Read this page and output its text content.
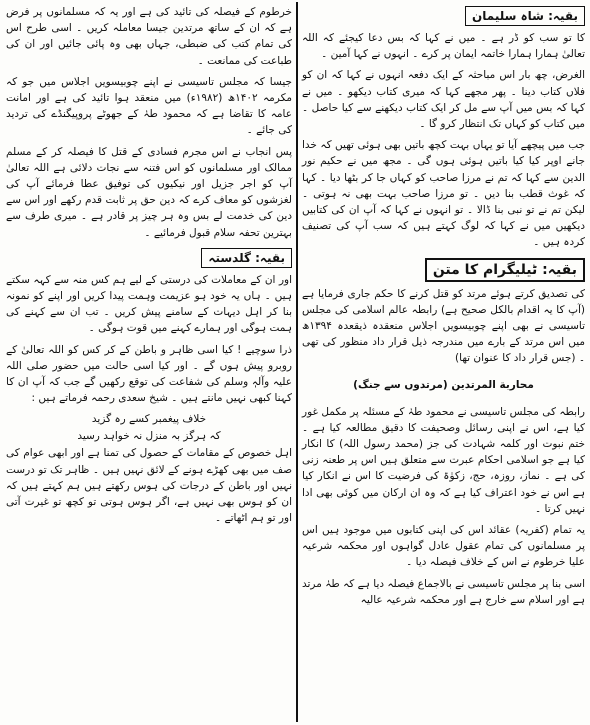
بقیہ: شاہ سلیمان

کا تو سب کو ڈر ہے ۔ میں نے کہا کہ بس دعا کیجئے کہ اللہ تعالیٰ ہمارا ہمارا خاتمہ ایمان پر کرے ۔ انہوں نے کہا آمین ۔

الغرض، چھ بار اس مباحثہ کے ایک دفعہ انہوں نے کہا کہ ان کو فلاں کتاب دینا ۔ پھر مجھے کہا کہ میری کتاب دیکھو ۔ میں نے کہا کہ بس میں آپ سے مل کر ایک کتاب دیکھنے سے کیا حاصل ۔ میں کتاب کو کہاں تک انتظار کرو گا ۔

جب میں پیچھے آیا تو یہاں بہت کچھ باتیں بھی ہوئی تھیں کہ خدا جانے اوپر کیا کیا باتیں ہوئی ہوں گی ۔ مجھ میں نے حکیم نور الدین سے کہا کہ تم نے مرزا صاحب کو کہاں جا کر بٹھا دیا ۔ کہا کہ غوث قطب بنا دیں ۔ تو مرزا صاحب بہت بھی نہ ہوتی ۔ لیکن تم نے تو نبی بنا ڈالا ۔ تو انہوں نے کہا کہ آپ ان کی کتابیں دیکھیں میں نے کہا کہ لوگ کہتے ہیں کہ سب آپ کی تصنیف کردہ ہیں ۔

بقیہ: ٹیلیگرام کا متن

کی تصدیق کرتے ہوئے مرتد کو قتل کرنے کا حکم جاری فرمایا ہے (آپ کا یہ اقدام بالکل صحیح ہے) رابطہ عالم اسلامی کی مجلس تاسیسی نے بھی اپنے چوبیسویں اجلاس منعقدہ ذیقعدہ ۱۳۹۴ھ میں اس مرتد کے بارے میں مندرجہ ذیل قرار داد منظور کی تھی ۔ (جس قرار داد کا عنوان تھا)

محاربة المرتدین (مرتدوں سے جنگ)

رابطہ کی مجلس تاسیسی نے محمود طہٰ کے مسئلہ پر مکمل غور کیا ہے، اس نے اپنی رسائل وصحیفت کا دقیق مطالعہ کیا ہے ۔ ختم نبوت اور کلمہ شہادت کی جز (محمد رسول اللہ) کا انکار کیا ہے جو اسلامی احکام عبرت سے متعلق ہیں اس پر طعنہ زنی کی ہے ۔ نماز، روزہ، حج، زکوٰۃ کی فرضیت کا اس نے انکار کیا ہے اس نے خود اعتراف کیا ہے کہ وہ ان ارکان میں کوئی بھی ادا نہیں کرتا ۔

یہ تمام (کفریہ) عقائد اس کی اپنی کتابوں میں موجود ہیں اس پر مسلمانوں کی تمام عقول عادل گواہوں اور محکمہ شرعیہ علیا خرطوم نے اس کے خلاف فیصلہ دیا ۔

اسی بنا پر مجلس تاسیسی نے بالاجماع فیصلہ دیا ہے کہ طہٰ مرتد ہے اور اسلام سے خارج ہے اور محکمہ شرعیہ عالیہ

خرطوم کے فیصلہ کی تائید کی ہے اور یہ کہ مسلمانوں پر فرض ہے کہ ان کے ساتھ مرتدین جیسا معاملہ کریں ۔ اسی طرح اس کی تمام کتب کی ضبطی، جہاں بھی وہ پائی جائیں اور ان کی طباعت کی ممانعت ۔

جیسا کہ مجلس تاسیسی نے اپنے چوبیسویں اجلاس میں جو کہ مکرمہ ۱۴۰۲ھ (۱۹۸۲ء) میں منعقد ہوا تائید کی ہے اور امانت عامہ کا تقاضا ہے کہ محمود طہٰ کے جھوٹے پروپیگنڈے کی تردید کی جائے ۔

پس انجاب نے اس مجرم فسادی کے قتل کا فیصلہ کر کے مسلم ممالک اور مسلمانوں کو اس فتنہ سے نجات دلائی ہے اللہ تعالیٰ آپ کو اجر جزیل اور نیکیوں کی توفیق عطا فرمائے آپ کی لغزشوں کو معاف کرے کہ دین حق پر ثابت قدم رکھے اور اس سے دین کی خدمت لے بس وہ ہر چیز پر قادر ہے ۔ میری طرف سے بہترین تحفہ سلام قبول فرمائیے ۔

بقیہ: گلدستہ

اور ان کے معاملات کی درستی کے لیے ہم کس منہ سے کہہ سکتے ہیں ۔ ہاں یہ خود ہو عزیمت وہمت پیدا کریں اور اپنے کو نمونہ بنا کر اہل دیہات کے سامنے پیش کریں ۔ تب ان سے کہنے کی ہمت ہوگی اور ہمارے کہنے میں قوت ہوگی ۔

ذرا سوچیے ! کیا اسی ظاہر و باطن کے کر کس کو اللہ تعالیٰ کے روبرو پیش ہوں گے ۔ اور کیا اسی حالت میں حضور صلی اللہ علیہ وآلہٖ وسلم کی شفاعت کی توقع رکھیں گے جب کہ آپ ان کا کہنا کبھی نہیں مانتے ہیں ۔ شیخ سعدی رحمہ فرماتے ہیں :

خلاف پیغمبر کسے رہ گزید
کہ ہرگز بہ منزل نہ خواہد رسید

اہل خصوص کے مقامات کے حصول کی تمنا ہے اور ابھی عوام کی صف میں بھی کھڑے ہونے کے لائق نہیں ہیں ۔ ظاہر تک تو درست نہیں اور باطن کے درجات کی ہوس رکھتے ہیں ہم کہتے ہیں کہ ان کو ہوس بھی نہیں ہے، اگر ہوس ہوتی تو کچھ تو غیرت آتی اور تو ہم اٹھاتے ۔
